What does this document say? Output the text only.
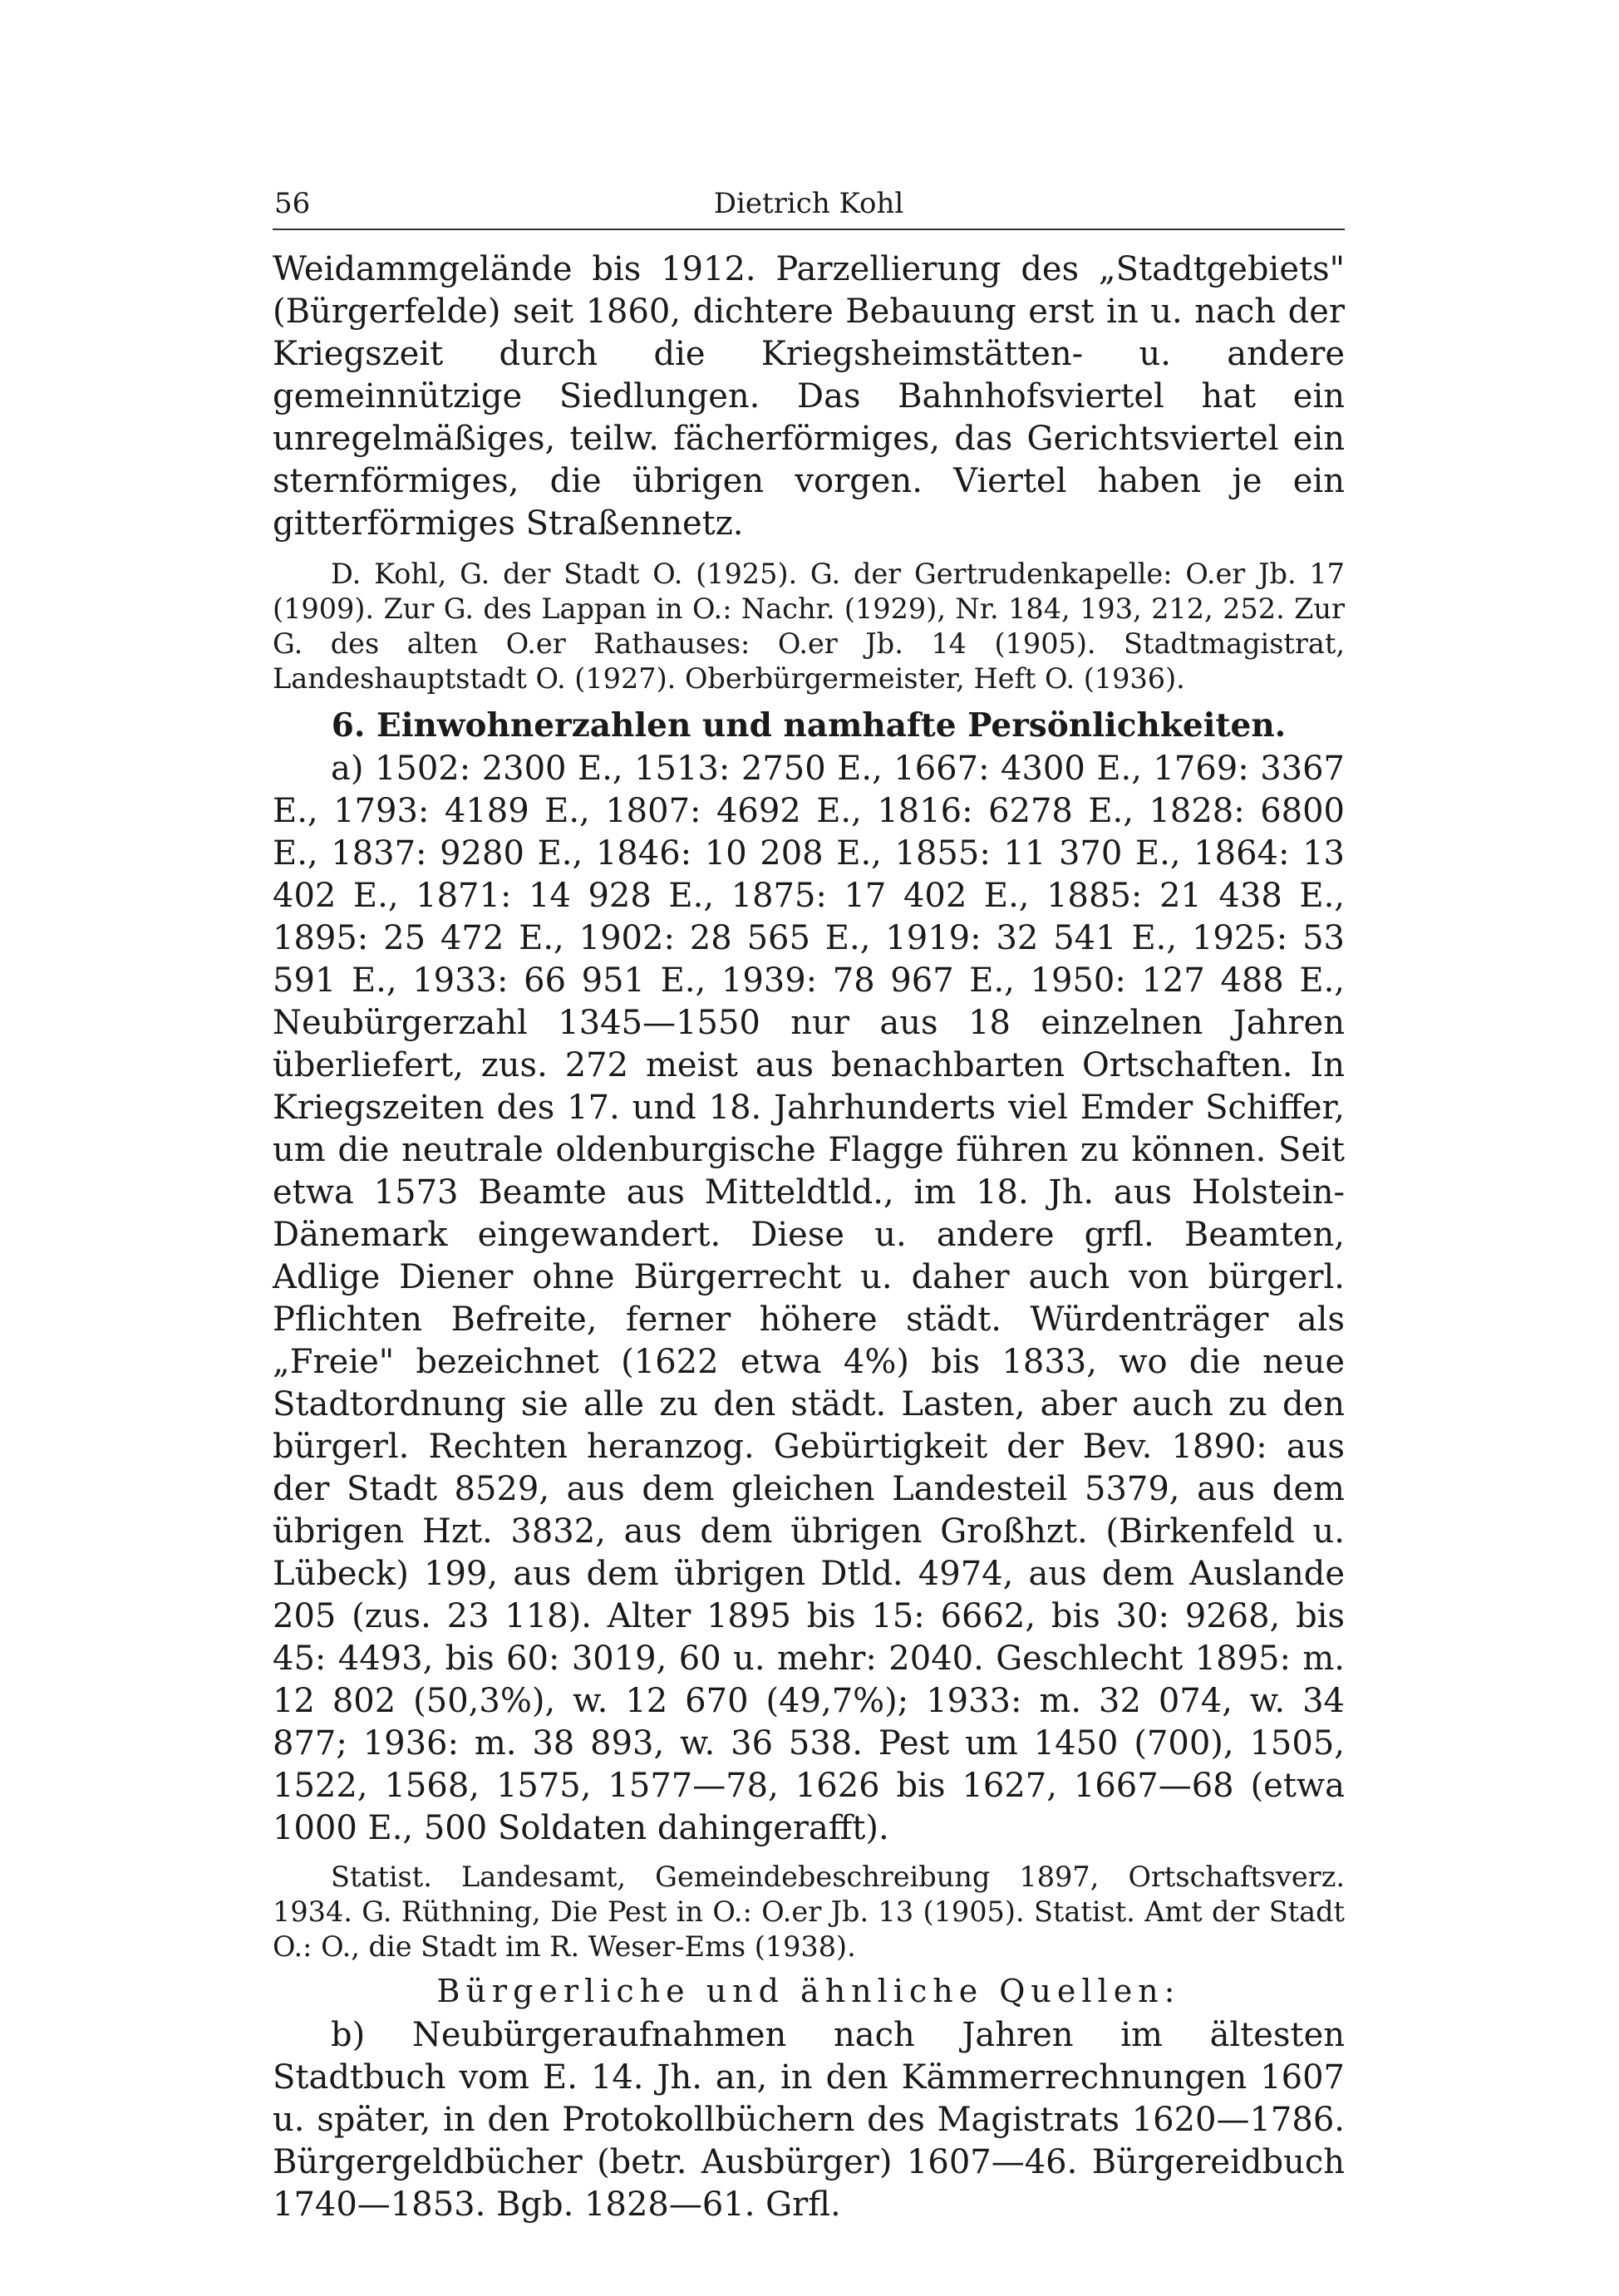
56	Dietrich Kohl

Weidammgelände bis 1912. Parzellierung des „Stadtgebiets" (Bürgerfelde) seit 1860, dichtere Bebauung erst in u. nach der Kriegszeit durch die Kriegsheimstätten- u. andere gemeinnützige Siedlungen. Das Bahnhofsviertel hat ein unregelmäßiges, teilw. fächerförmiges, das Gerichtsviertel ein sternförmiges, die übrigen vorgen. Viertel haben je ein gitterförmiges Straßennetz.

D. Kohl, G. der Stadt O. (1925). G. der Gertrudenkapelle: O.er Jb. 17 (1909). Zur G. des Lappan in O.: Nachr. (1929), Nr. 184, 193, 212, 252. Zur G. des alten O.er Rathauses: O.er Jb. 14 (1905). Stadtmagistrat, Landeshauptstadt O. (1927). Oberbürgermeister, Heft O. (1936).

6. Einwohnerzahlen und namhafte Persönlichkeiten.

a) 1502: 2300 E., 1513: 2750 E., 1667: 4300 E., 1769: 3367 E., 1793: 4189 E., 1807: 4692 E., 1816: 6278 E., 1828: 6800 E., 1837: 9280 E., 1846: 10 208 E., 1855: 11 370 E., 1864: 13 402 E., 1871: 14 928 E., 1875: 17 402 E., 1885: 21 438 E., 1895: 25 472 E., 1902: 28 565 E., 1919: 32 541 E., 1925: 53 591 E., 1933: 66 951 E., 1939: 78 967 E., 1950: 127 488 E., Neubürgerzahl 1345—1550 nur aus 18 einzelnen Jahren überliefert, zus. 272 meist aus benachbarten Ortschaften. In Kriegszeiten des 17. und 18. Jahrhunderts viel Emder Schiffer, um die neutrale oldenburgische Flagge führen zu können. Seit etwa 1573 Beamte aus Mitteldtld., im 18. Jh. aus Holstein-Dänemark eingewandert. Diese u. andere grfl. Beamten, Adlige Diener ohne Bürgerrecht u. daher auch von bürgerl. Pflichten Befreite, ferner höhere städt. Würdenträger als „Freie" bezeichnet (1622 etwa 4%) bis 1833, wo die neue Stadtordnung sie alle zu den städt. Lasten, aber auch zu den bürgerl. Rechten heranzog. Gebürtigkeit der Bev. 1890: aus der Stadt 8529, aus dem gleichen Landesteil 5379, aus dem übrigen Hzt. 3832, aus dem übrigen Großhzt. (Birkenfeld u. Lübeck) 199, aus dem übrigen Dtld. 4974, aus dem Auslande 205 (zus. 23 118). Alter 1895 bis 15: 6662, bis 30: 9268, bis 45: 4493, bis 60: 3019, 60 u. mehr: 2040. Geschlecht 1895: m. 12 802 (50,3%), w. 12 670 (49,7%); 1933: m. 32 074, w. 34 877; 1936: m. 38 893, w. 36 538. Pest um 1450 (700), 1505, 1522, 1568, 1575, 1577—78, 1626 bis 1627, 1667—68 (etwa 1000 E., 500 Soldaten dahingerafft).

Statist. Landesamt, Gemeindebeschreibung 1897, Ortschaftsverz. 1934. G. Rüthning, Die Pest in O.: O.er Jb. 13 (1905). Statist. Amt der Stadt O.: O., die Stadt im R. Weser-Ems (1938).

Bürgerliche und ähnliche Quellen:

b) Neubürgeraufnahmen nach Jahren im ältesten Stadtbuch vom E. 14. Jh. an, in den Kämmerrechnungen 1607 u. später, in den Protokollbüchern des Magistrats 1620—1786. Bürgergeldbücher (betr. Ausbürger) 1607—46. Bürgereidbuch 1740—1853. Bgb. 1828—61. Grfl.
